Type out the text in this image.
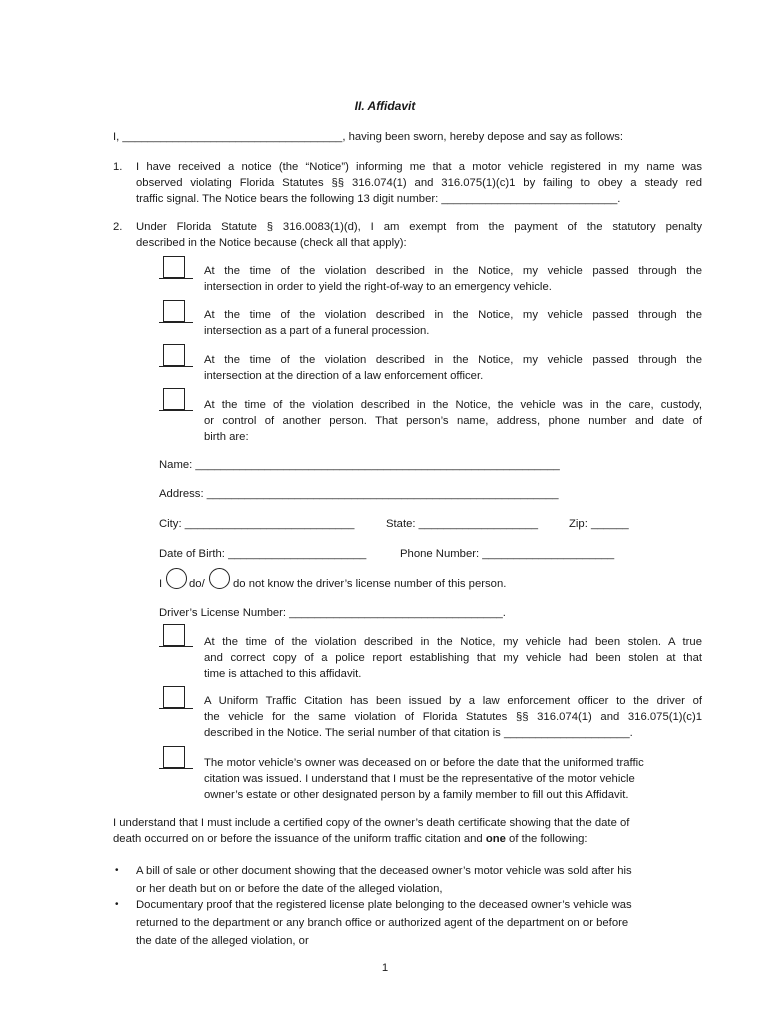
II. Affidavit
I, ___________________________________, having been sworn, hereby depose and say as follows:
1. I have received a notice (the “Notice”) informing me that a motor vehicle registered in my name was
observed violating Florida Statutes §§ 316.074(1) and 316.075(1)(c)1 by failing to obey a steady red
traffic signal. The Notice bears the following 13 digit number: ____________________________.
2. Under Florida Statute § 316.0083(1)(d), I am exempt from the payment of the statutory penalty
described in the Notice because (check all that apply):
At the time of the violation described in the Notice, my vehicle passed through the
intersection in order to yield the right-of-way to an emergency vehicle.
At the time of the violation described in the Notice, my vehicle passed through the
intersection as a part of a funeral procession.
At the time of the violation described in the Notice, my vehicle passed through the
intersection at the direction of a law enforcement officer.
At the time of the violation described in the Notice, the vehicle was in the care, custody,
or control of another person. That person’s name, address, phone number and date of
birth are:
Name: __________________________________________________________
Address: ________________________________________________________
City: ___________________________	State: ___________________	Zip: ______
Date of Birth: ______________________	Phone Number: _____________________
I do/	do not know the driver’s license number of this person.
Driver’s License Number: __________________________________.
At the time of the violation described in the Notice, my vehicle had been stolen. A true
and correct copy of a police report establishing that my vehicle had been stolen at that
time is attached to this affidavit.
A Uniform Traffic Citation has been issued by a law enforcement officer to the driver of
the vehicle for the same violation of Florida Statutes §§ 316.074(1) and 316.075(1)(c)1
described in the Notice. The serial number of that citation is ____________________.
The motor vehicle’s owner was deceased on or before the date that the uniformed traffic
citation was issued. I understand that I must be the representative of the motor vehicle
owner’s estate or other designated person by a family member to fill out this Affidavit.
I understand that I must include a certified copy of the owner’s death certificate showing that the date of
death occurred on or before the issuance of the uniform traffic citation and one of the following:
• A bill of sale or other document showing that the deceased owner’s motor vehicle was sold after his
or her death but on or before the date of the alleged violation,
• Documentary proof that the registered license plate belonging to the deceased owner’s vehicle was
returned to the department or any branch office or authorized agent of the department on or before
the date of the alleged violation, or
1
